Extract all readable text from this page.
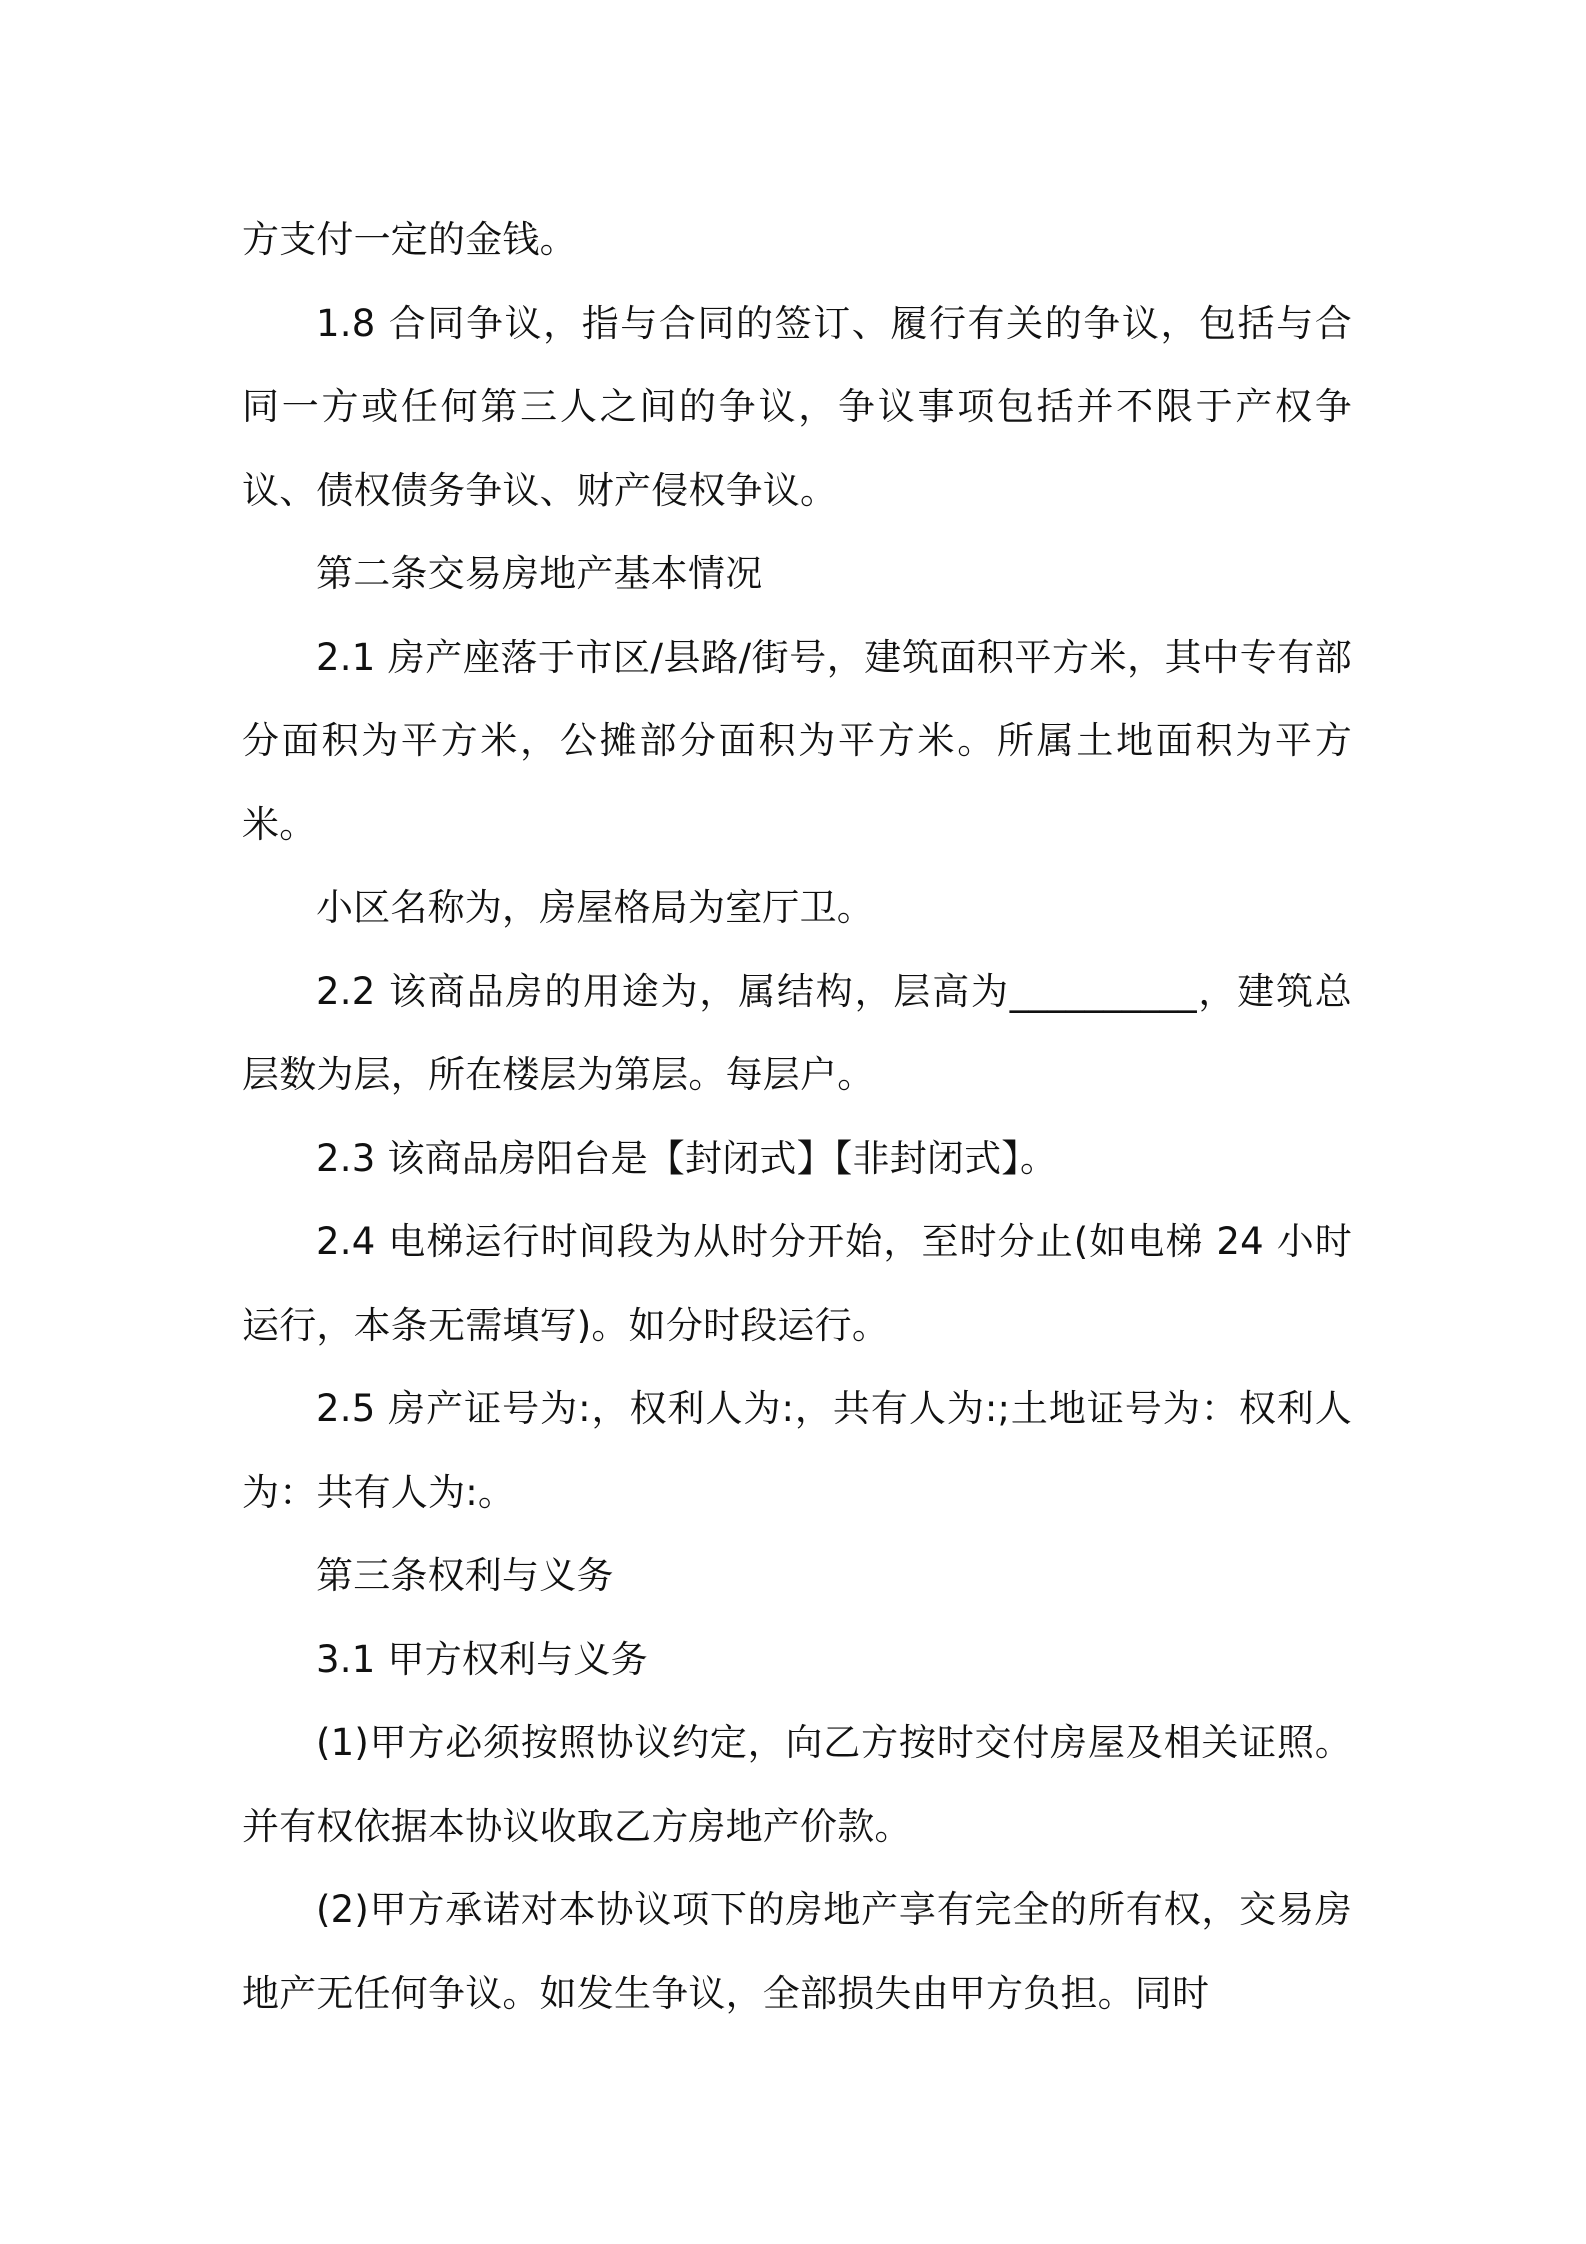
方支付一定的金钱。

1.8 合同争议，指与合同的签订、履行有关的争议，包括与合同一方或任何第三人之间的争议，争议事项包括并不限于产权争议、债权债务争议、财产侵权争议。

第二条交易房地产基本情况

2.1 房产座落于市区/县路/街号，建筑面积平方米，其中专有部分面积为平方米，公摊部分面积为平方米。所属土地面积为平方米。

小区名称为，房屋格局为室厅卫。

2.2 该商品房的用途为，属结构，层高为__________，建筑总层数为层，所在楼层为第层。每层户。

2.3 该商品房阳台是【封闭式】【非封闭式】。

2.4 电梯运行时间段为从时分开始，至时分止(如电梯 24 小时运行，本条无需填写)。如分时段运行。

2.5 房产证号为:，权利人为:，共有人为:;土地证号为：权利人为：共有人为:。

第三条权利与义务

3.1 甲方权利与义务

(1)甲方必须按照协议约定，向乙方按时交付房屋及相关证照。并有权依据本协议收取乙方房地产价款。

(2)甲方承诺对本协议项下的房地产享有完全的所有权，交易房地产无任何争议。如发生争议，全部损失由甲方负担。同时
